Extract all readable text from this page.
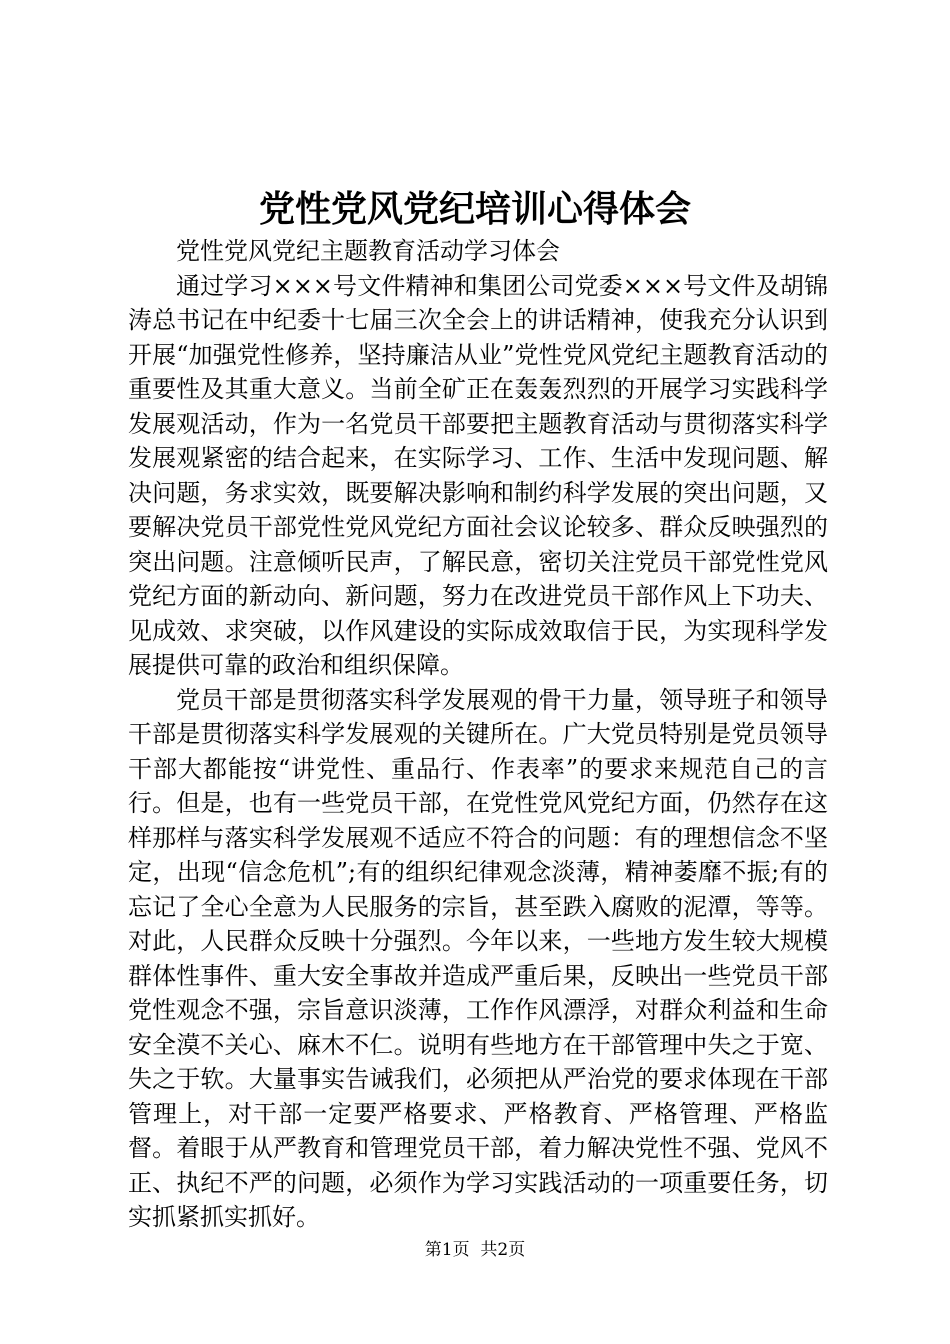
党性党风党纪培训心得体会

党性党风党纪主题教育活动学习体会

通过学习×××号文件精神和集团公司党委×××号文件及胡锦涛总书记在中纪委十七届三次全会上的讲话精神，使我充分认识到开展“加强党性修养，坚持廉洁从业”党性党风党纪主题教育活动的重要性及其重大意义。当前全矿正在轰轰烈烈的开展学习实践科学发展观活动，作为一名党员干部要把主题教育活动与贯彻落实科学发展观紧密的结合起来，在实际学习、工作、生活中发现问题、解决问题，务求实效，既要解决影响和制约科学发展的突出问题，又要解决党员干部党性党风党纪方面社会议论较多、群众反映强烈的突出问题。注意倾听民声，了解民意，密切关注党员干部党性党风党纪方面的新动向、新问题，努力在改进党员干部作风上下功夫、见成效、求突破，以作风建设的实际成效取信于民，为实现科学发展提供可靠的政治和组织保障。

党员干部是贯彻落实科学发展观的骨干力量，领导班子和领导干部是贯彻落实科学发展观的关键所在。广大党员特别是党员领导干部大都能按“讲党性、重品行、作表率”的要求来规范自己的言行。但是，也有一些党员干部，在党性党风党纪方面，仍然存在这样那样与落实科学发展观不适应不符合的问题：有的理想信念不坚定，出现“信念危机”;有的组织纪律观念淡薄，精神萎靡不振;有的忘记了全心全意为人民服务的宗旨，甚至跌入腐败的泥潭，等等。对此，人民群众反映十分强烈。今年以来，一些地方发生较大规模群体性事件、重大安全事故并造成严重后果，反映出一些党员干部党性观念不强，宗旨意识淡薄，工作作风漂浮，对群众利益和生命安全漠不关心、麻木不仁。说明有些地方在干部管理中失之于宽、失之于软。大量事实告诫我们，必须把从严治党的要求体现在干部管理上，对干部一定要严格要求、严格教育、严格管理、严格监督。着眼于从严教育和管理党员干部，着力解决党性不强、党风不正、执纪不严的问题，必须作为学习实践活动的一项重要任务，切实抓紧抓实抓好。

第1页  共2页
